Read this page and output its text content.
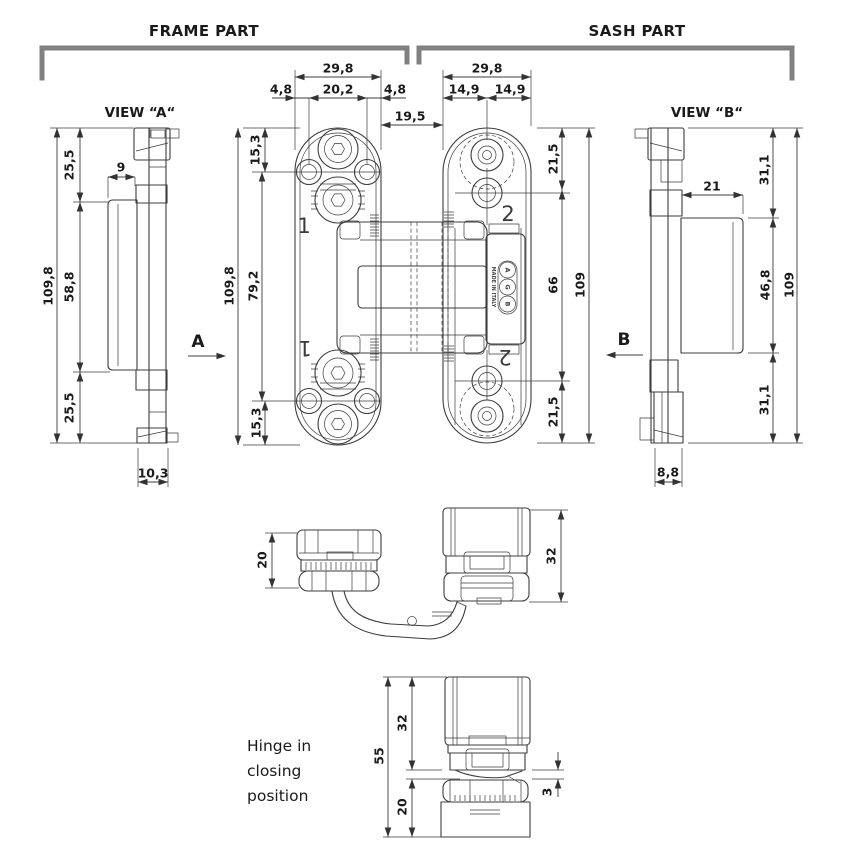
FRAME PART	SASH PART
VIEW “A“
109,8
25,5
58,8
25,5
9
10,3
A
1
1
29,8
4,8 20,2 4,8
19,5
15,3
109,8 79,2
15,3
A
G
B
MADE IN ITALY
2
2
29,8
14,9 14,9
21,5
66
21,5
109
B
VIEW “B“
31,1
46,8
31,1
109
21
8,8
20	32
Hinge in
closing
position
55
32
20
3
